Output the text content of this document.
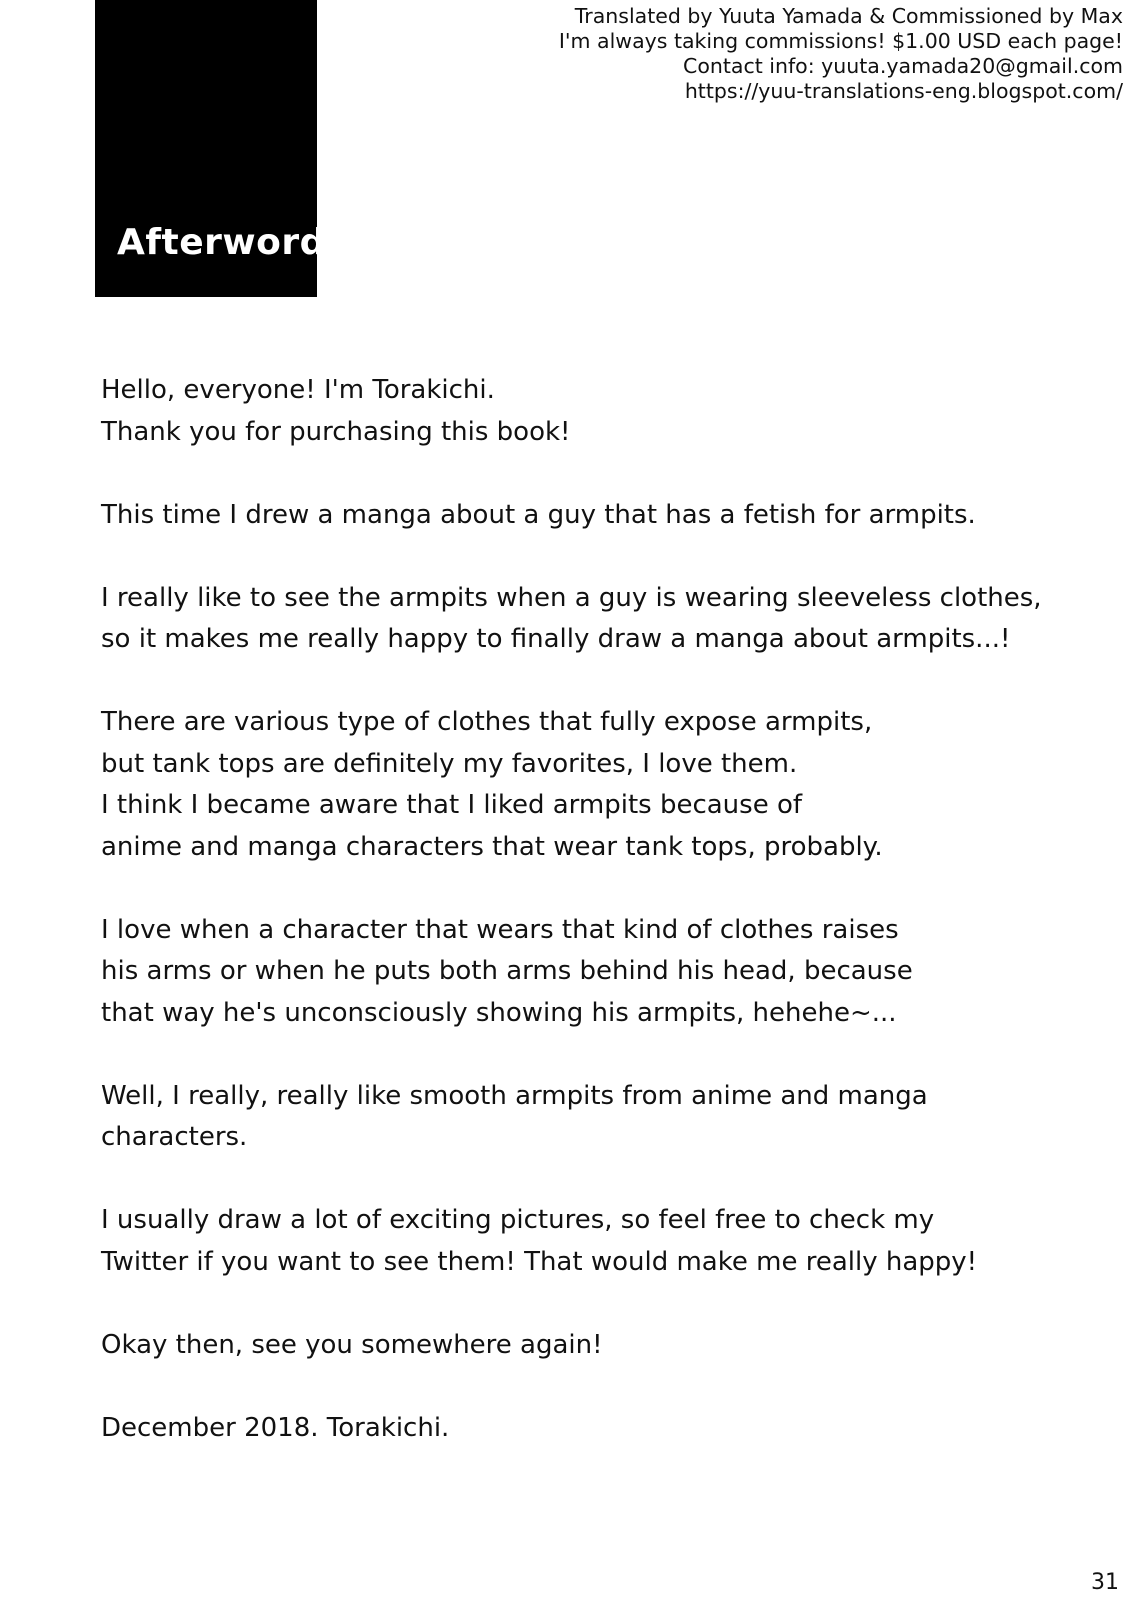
Afterword
Translated by Yuuta Yamada & Commissioned by Max
I'm always taking commissions! $1.00 USD each page!
Contact info: yuuta.yamada20@gmail.com
https://yuu-translations-eng.blogspot.com/
Hello, everyone! I'm Torakichi.
Thank you for purchasing this book!
This time I drew a manga about a guy that has a fetish for armpits.
I really like to see the armpits when a guy is wearing sleeveless clothes,
so it makes me really happy to finally draw a manga about armpits...!
There are various type of clothes that fully expose armpits,
but tank tops are definitely my favorites, I love them.
I think I became aware that I liked armpits because of
anime and manga characters that wear tank tops, probably.
I love when a character that wears that kind of clothes raises
his arms or when he puts both arms behind his head, because
that way he's unconsciously showing his armpits, hehehe~...
Well, I really, really like smooth armpits from anime and manga
characters.
I usually draw a lot of exciting pictures, so feel free to check my
Twitter if you want to see them! That would make me really happy!
Okay then, see you somewhere again!
December 2018. Torakichi.
31
